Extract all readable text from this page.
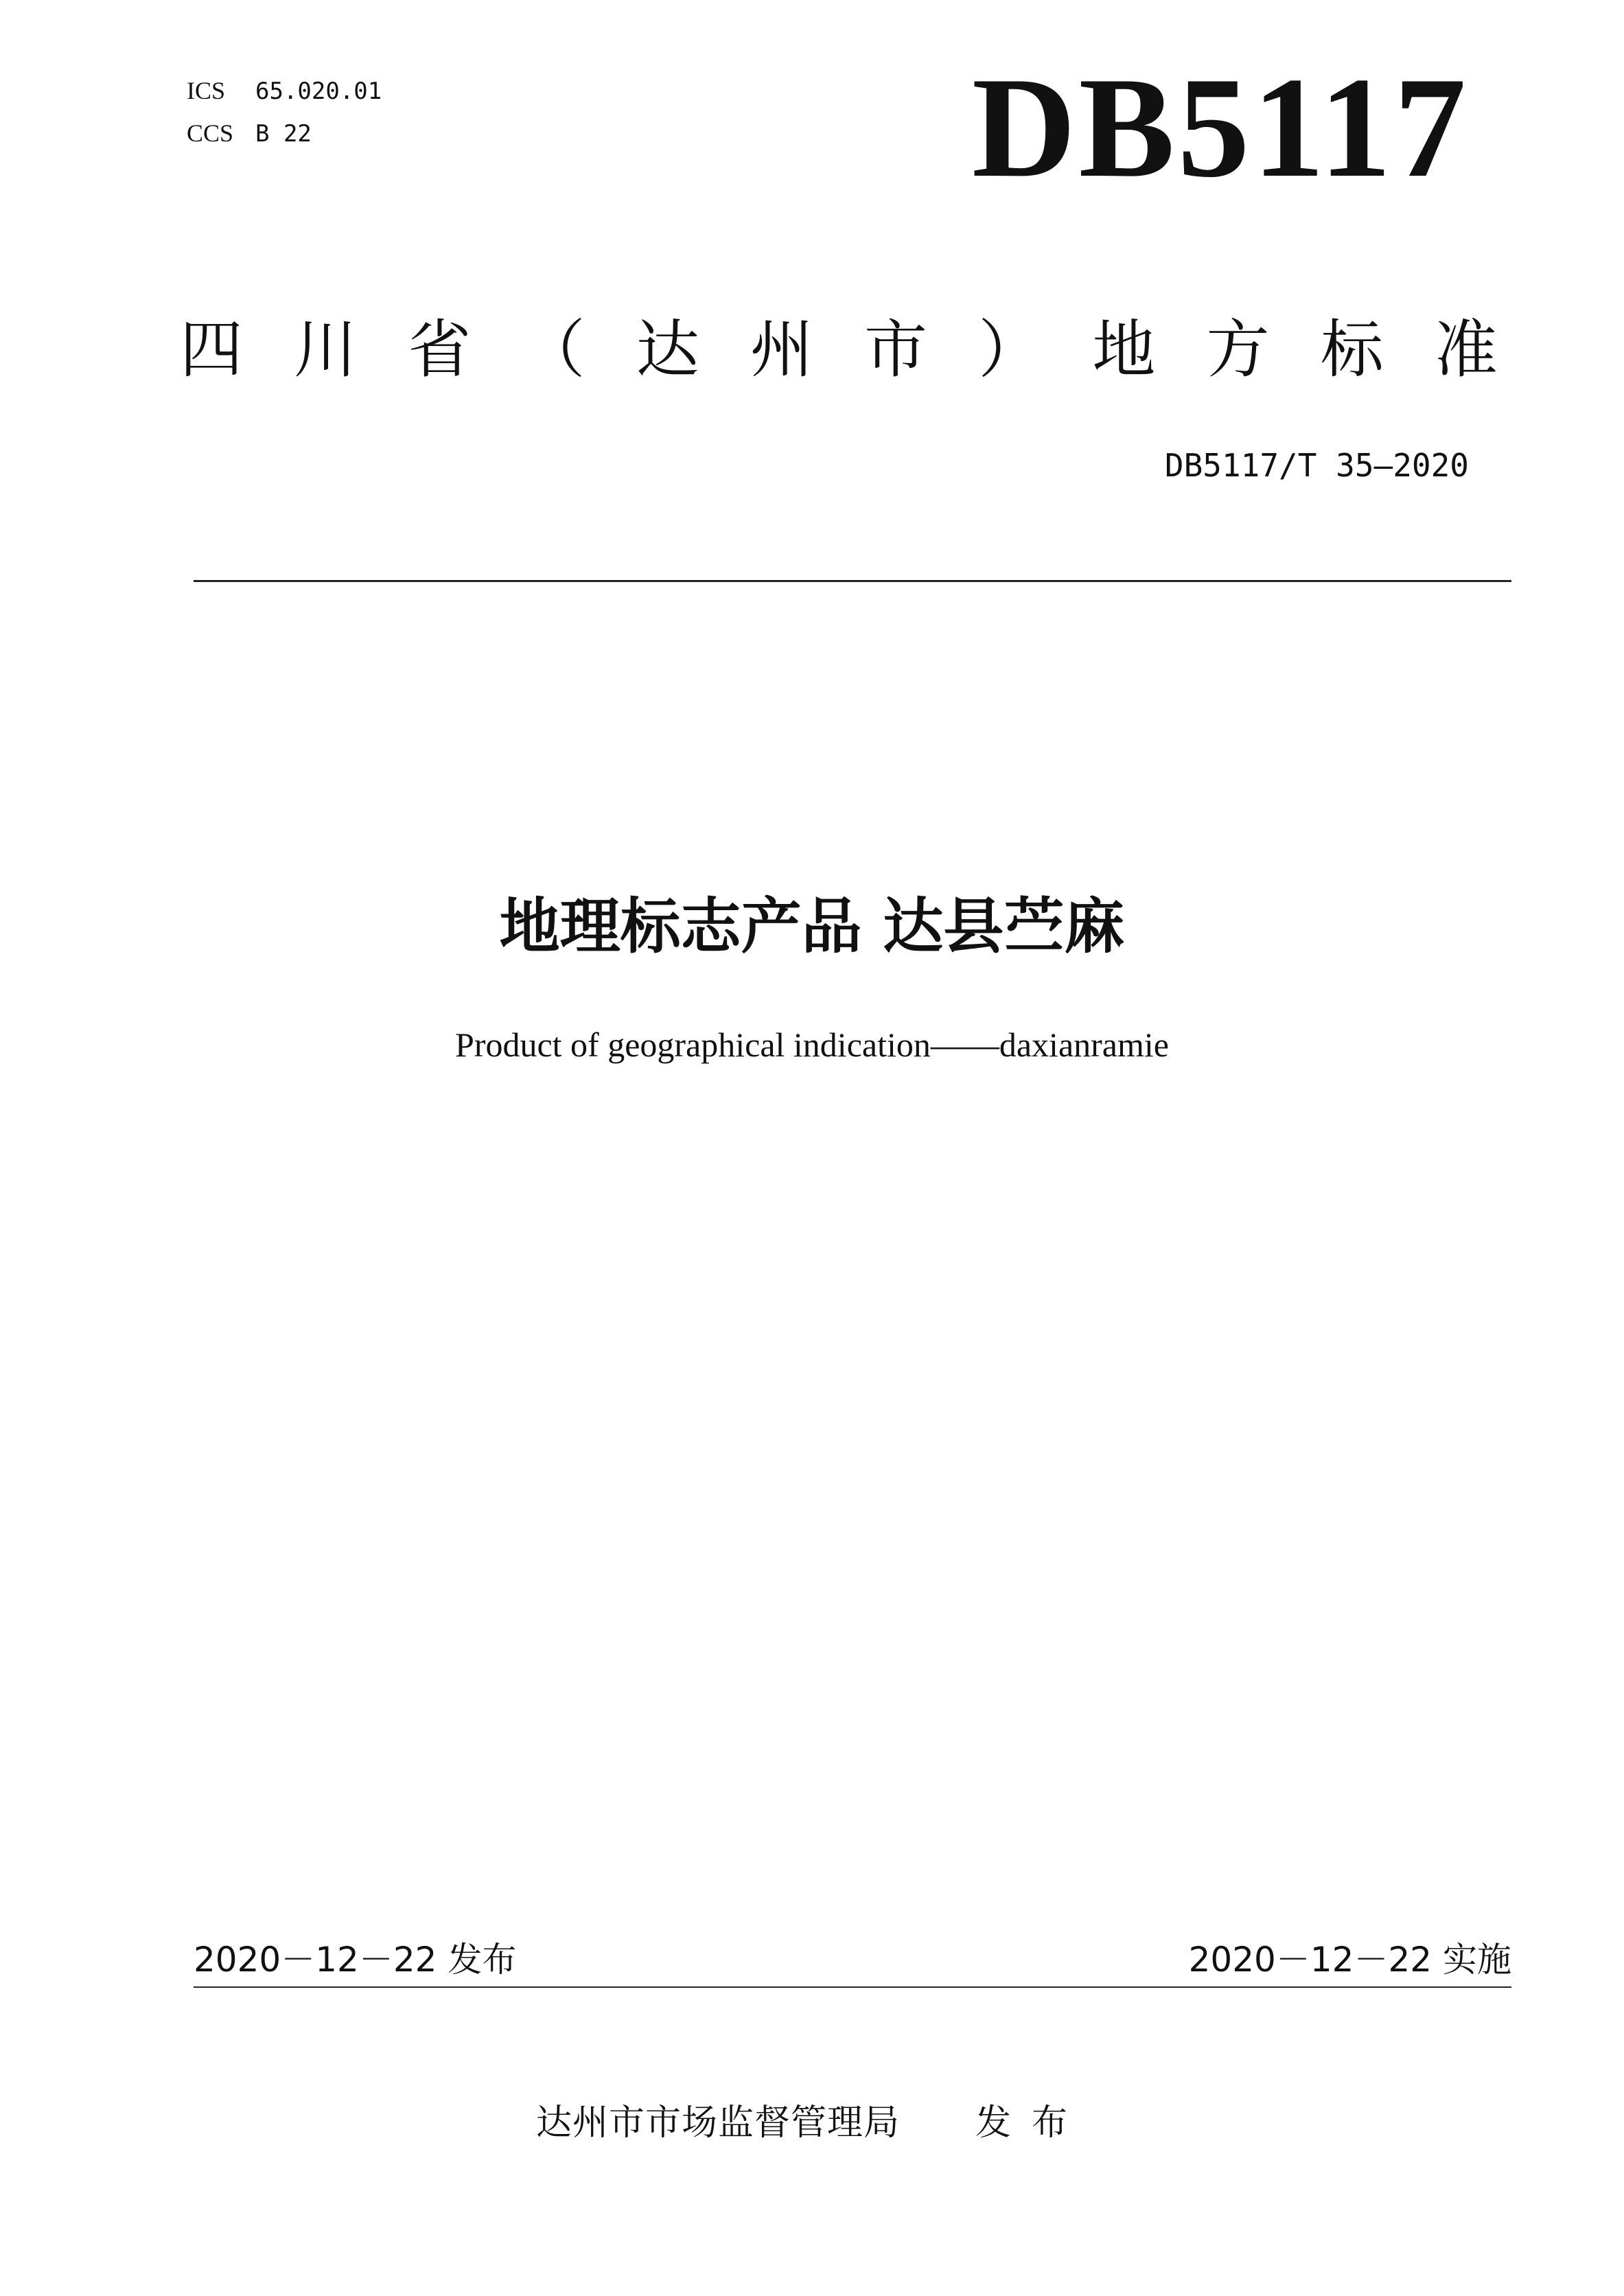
ICS 65.020.01
CCS B 22	DB5117
四 川 省 （ 达 州 市 ） 地 方 标 准
DB5117/T 35—2020
地理标志产品 达县苎麻
Product of geographical indication——daxianramie
2020－12－22 发布	2020－12－22 实施
达州市市场监督管理局 发布
